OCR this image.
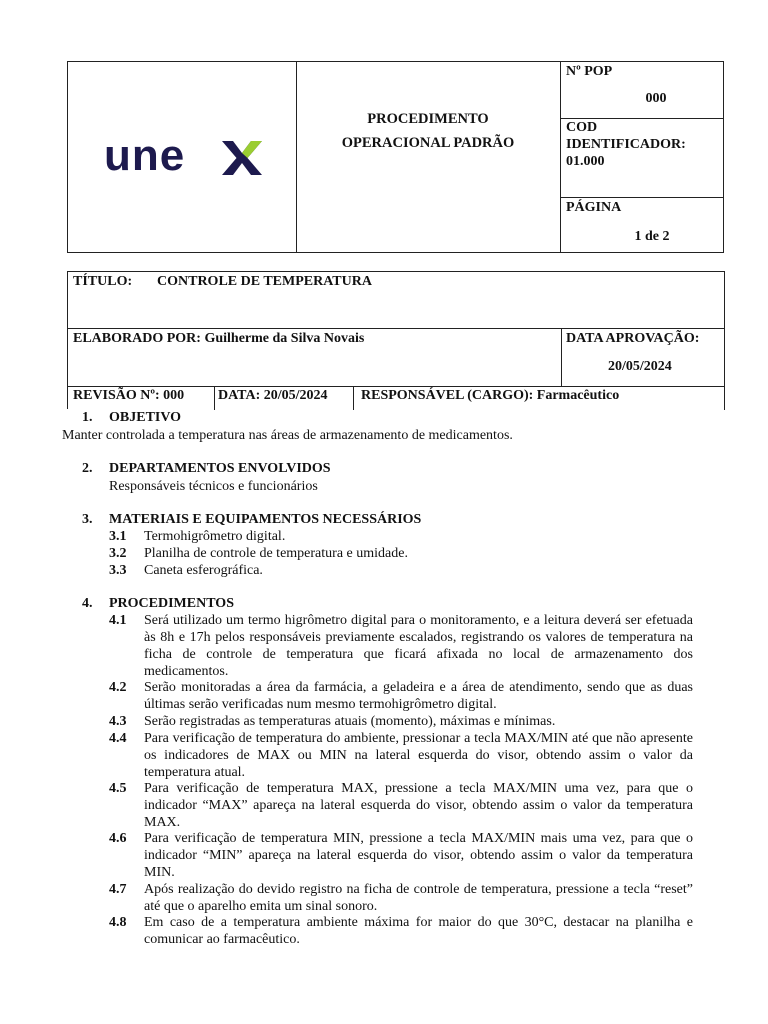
une
PROCEDIMENTO
OPERACIONAL PADRÃO
Nº POP
000
COD
IDENTIFICADOR:
01.000
PÁGINA
1 de 2
TÍTULO: CONTROLE DE TEMPERATURA
ELABORADO POR: Guilherme da Silva Novais	DATA APROVAÇÃO:
20/05/2024
REVISÃO Nº: 000 DATA: 20/05/2024 RESPONSÁVEL (CARGO): Farmacêutico
1. OBJETIVO
Manter controlada a temperatura nas áreas de armazenamento de medicamentos.
2. DEPARTAMENTOS ENVOLVIDOS
Responsáveis técnicos e funcionários
3. MATERIAIS E EQUIPAMENTOS NECESSÁRIOS
3.1 Termohigrômetro digital.
3.2 Planilha de controle de temperatura e umidade.
3.3 Caneta esferográfica.
4. PROCEDIMENTOS
4.1 Será utilizado um termo higrômetro digital para o monitoramento, e a leitura deverá ser efetuada às 8h e 17h pelos responsáveis previamente escalados, registrando os valores de temperatura na ficha de controle de temperatura que ficará afixada no local de armazenamento dos medicamentos.
4.2 Serão monitoradas a área da farmácia, a geladeira e a área de atendimento, sendo que as duas últimas serão verificadas num mesmo termohigrômetro digital.
4.3 Serão registradas as temperaturas atuais (momento), máximas e mínimas.
4.4 Para verificação de temperatura do ambiente, pressionar a tecla MAX/MIN até que não apresente os indicadores de MAX ou MIN na lateral esquerda do visor, obtendo assim o valor da temperatura atual.
4.5 Para verificação de temperatura MAX, pressione a tecla MAX/MIN uma vez, para que o indicador “MAX” apareça na lateral esquerda do visor, obtendo assim o valor da temperatura MAX.
4.6 Para verificação de temperatura MIN, pressione a tecla MAX/MIN mais uma vez, para que o indicador “MIN” apareça na lateral esquerda do visor, obtendo assim o valor da temperatura MIN.
4.7 Após realização do devido registro na ficha de controle de temperatura, pressione a tecla “reset” até que o aparelho emita um sinal sonoro.
4.8 Em caso de a temperatura ambiente máxima for maior do que 30°C, destacar na planilha e comunicar ao farmacêutico.
